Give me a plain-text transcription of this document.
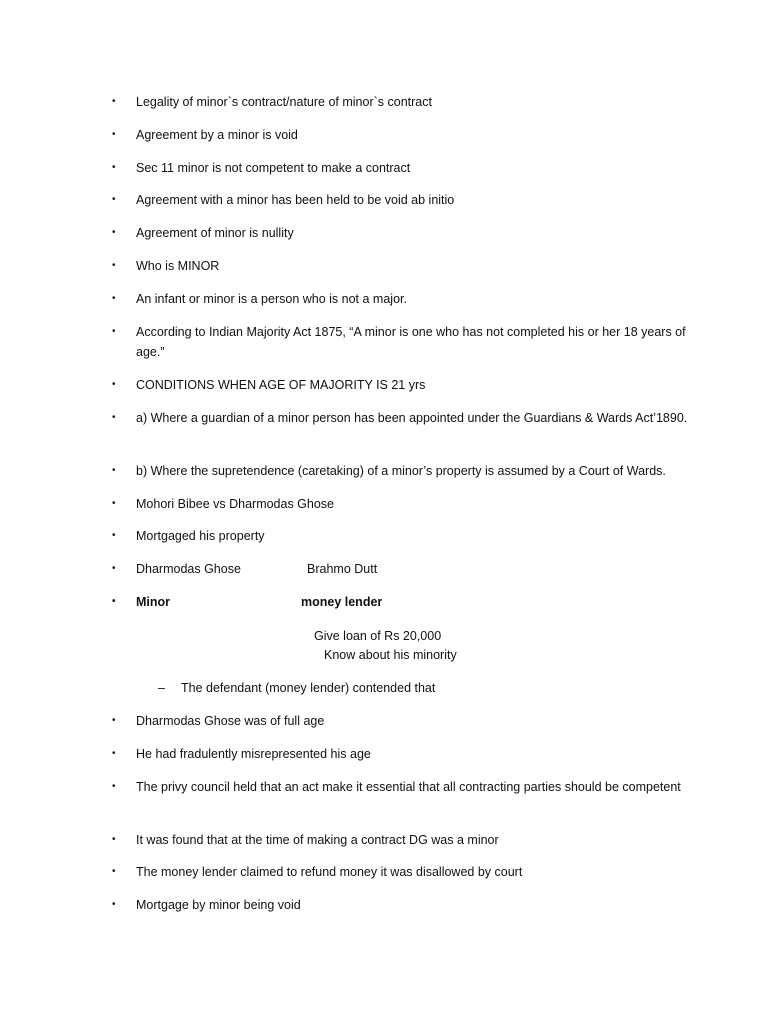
• Legality of minor`s contract/nature of minor`s contract
• Agreement by a minor is void
• Sec 11 minor is not competent to make a contract
• Agreement with a minor has been held to be void ab initio
• Agreement of minor is nullity
• Who is MINOR
• An infant or minor is a person who is not a major.
• According to Indian Majority Act 1875, “A minor is one who has not completed his or her 18 years of age.”
• CONDITIONS WHEN AGE OF MAJORITY IS 21 yrs
• a) Where a guardian of a minor person has been appointed under the Guardians & Wards Act’1890.
• b) Where the supretendence (caretaking) of a minor’s property is assumed by a Court of Wards.
• Mohori Bibee vs Dharmodas Ghose
• Mortgaged his property
• Dharmodas Ghose	Brahmo Dutt
• Minor	money lender
Give loan of Rs 20,000
Know about his minority
– The defendant (money lender) contended that
• Dharmodas Ghose was of full age
• He had fradulently misrepresented his age
• The privy council held that an act make it essential that all contracting parties should be competent
• It was found that at the time of making a contract DG was a minor
• The money lender claimed to refund money it was disallowed by court
• Mortgage by minor being void
